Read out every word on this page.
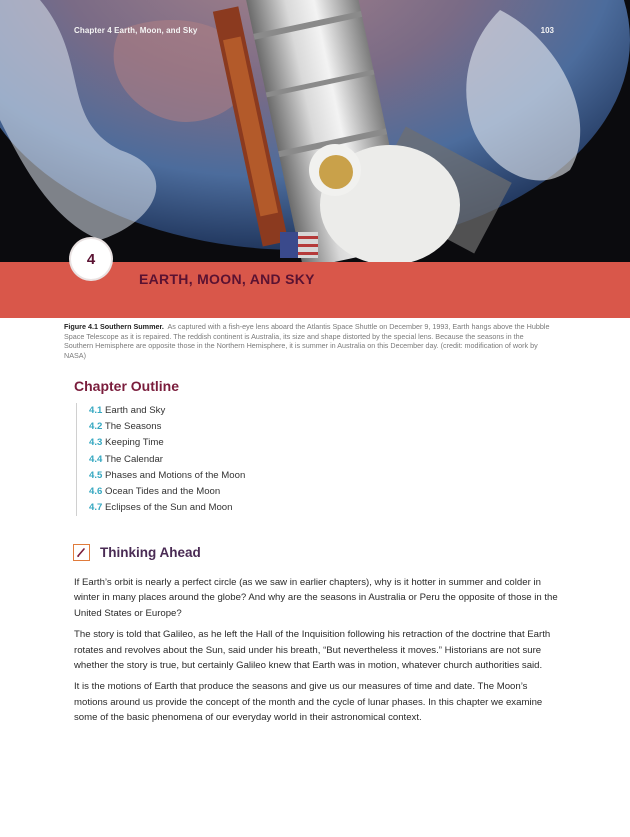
Chapter 4 Earth, Moon, and Sky	103
4
EARTH, MOON, AND SKY
Figure 4.1 Southern Summer. As captured with a fish-eye lens aboard the Atlantis Space Shuttle on December 9, 1993, Earth hangs above the Hubble Space Telescope as it is repaired. The reddish continent is Australia, its size and shape distorted by the special lens. Because the seasons in the Southern Hemisphere are opposite those in the Northern Hemisphere, it is summer in Australia on this December day. (credit: modification of work by NASA)
Chapter Outline
4.1 Earth and Sky
4.2 The Seasons
4.3 Keeping Time
4.4 The Calendar
4.5 Phases and Motions of the Moon
4.6 Ocean Tides and the Moon
4.7 Eclipses of the Sun and Moon
Thinking Ahead

If Earth’s orbit is nearly a perfect circle (as we saw in earlier chapters), why is it hotter in summer and colder in winter in many places around the globe? And why are the seasons in Australia or Peru the opposite of those in the United States or Europe?

The story is told that Galileo, as he left the Hall of the Inquisition following his retraction of the doctrine that Earth rotates and revolves about the Sun, said under his breath, “But nevertheless it moves.” Historians are not sure whether the story is true, but certainly Galileo knew that Earth was in motion, whatever church authorities said.

It is the motions of Earth that produce the seasons and give us our measures of time and date. The Moon’s motions around us provide the concept of the month and the cycle of lunar phases. In this chapter we examine some of the basic phenomena of our everyday world in their astronomical context.
